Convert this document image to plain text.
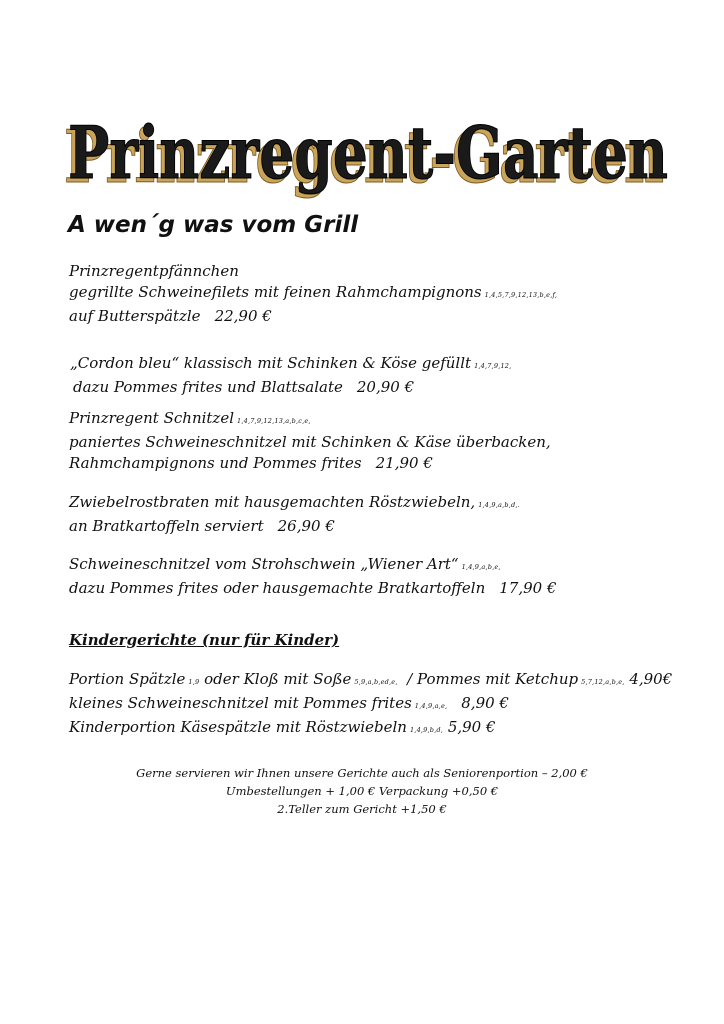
Prinzregent-Garten
Prinzregent-Garten
A wen´g was vom Grill
Prinzregentpfännchen
gegrillte Schweinefilets mit feinen Rahmchampignons 1,4,5,7,9,12,13,b,e,f,
auf Butterspätzle 22,90 €
„Cordon bleu“ klassisch mit Schinken & Köse gefüllt 1,4,7,9,12,
dazu Pommes frites und Blattsalate 20,90 €
Prinzregent Schnitzel 1,4,7,9,12,13,a,b,c,e,
paniertes Schweineschnitzel mit Schinken & Käse überbacken,
Rahmchampignons und Pommes frites 21,90 €
Zwiebelrostbraten mit hausgemachten Röstzwiebeln, 1,4,9,a,b,d,.
an Bratkartoffeln serviert 26,90 €
Schweineschnitzel vom Strohschwein „Wiener Art“ 1,4,9,a,b,e,
dazu Pommes frites oder hausgemachte Bratkartoffeln 17,90 €
Kindergerichte (nur für Kinder)
Portion Spätzle 1,9 oder Kloß mit Soße 5,9,a,b,ed,e, / Pommes mit Ketchup 5,7,12,a,b,e, 4,90€
kleines Schweineschnitzel mit Pommes frites 1,4,9,a,e, 8,90 €
Kinderportion Käsespätzle mit Röstzwiebeln 1,4,9,b,d, 5,90 €
Gerne servieren wir Ihnen unsere Gerichte auch als Seniorenportion – 2,00 €
Umbestellungen + 1,00 € Verpackung +0,50 €
2.Teller zum Gericht +1,50 €
